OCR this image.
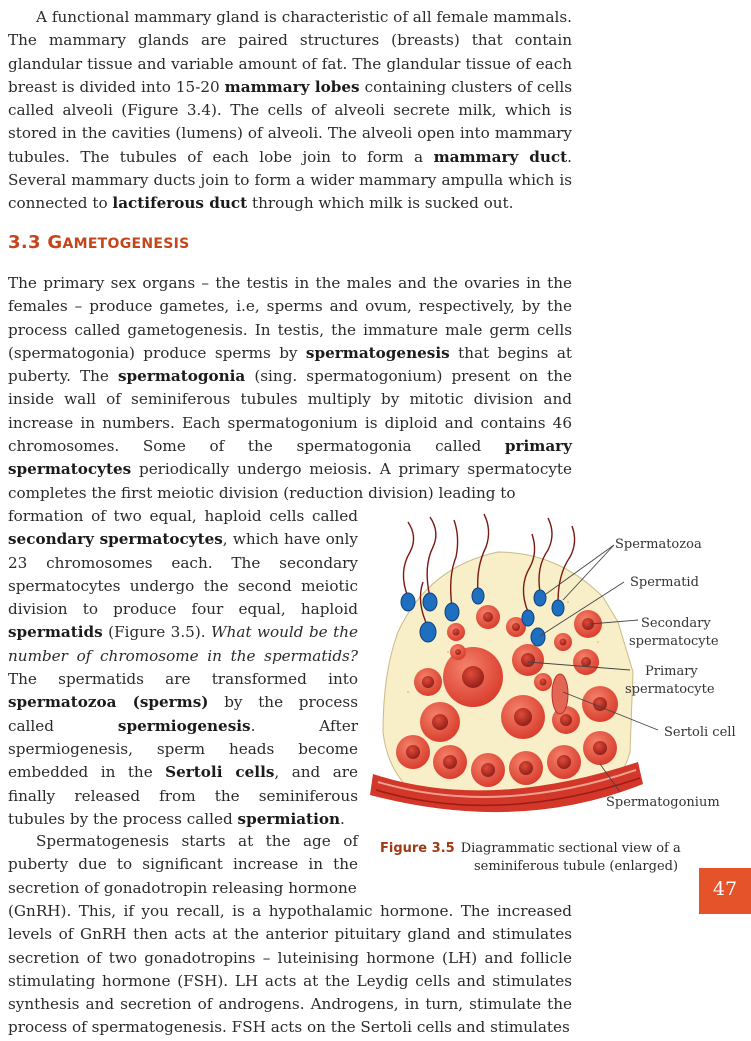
A functional mammary gland is characteristic of all female mammals. The mammary glands are paired structures (breasts) that contain glandular tissue and variable amount of fat. The glandular tissue of each breast is divided into 15-20 mammary lobes containing clusters of cells called alveoli (Figure 3.4). The cells of alveoli secrete milk, which is stored in the cavities (lumens) of alveoli. The alveoli open into mammary tubules. The tubules of each lobe join to form a mammary duct. Several mammary ducts join to form a wider mammary ampulla which is connected to lactiferous duct through which milk is sucked out.
3.3 GAMETOGENESIS
The primary sex organs – the testis in the males and the ovaries in the females – produce gametes, i.e, sperms and ovum, respectively, by the process called gametogenesis. In testis, the immature male germ cells (spermatogonia) produce sperms by spermatogenesis that begins at puberty. The spermatogonia (sing. spermatogonium) present on the inside wall of seminiferous tubules multiply by mitotic division and increase in numbers. Each spermatogonium is diploid and contains 46 chromosomes. Some of the spermatogonia called primary spermatocytes periodically undergo meiosis. A primary spermatocyte completes the first meiotic division (reduction division) leading to
formation of two equal, haploid cells called secondary spermatocytes, which have only 23 chromosomes each. The secondary spermatocytes undergo the second meiotic division to produce four equal, haploid spermatids (Figure 3.5). What would be the number of chromosome in the spermatids? The spermatids are transformed into spermatozoa (sperms) by the process called spermiogenesis. After spermiogenesis, sperm heads become embedded in the Sertoli cells, and are finally released from the seminiferous tubules by the process called spermiation.
Spermatogenesis starts at the age of puberty due to significant increase in the secretion of gonadotropin releasing hormone
(GnRH). This, if you recall, is a hypothalamic hormone. The increased levels of GnRH then acts at the anterior pituitary gland and stimulates secretion of two gonadotropins – luteinising hormone (LH) and follicle stimulating hormone (FSH). LH acts at the Leydig cells and stimulates synthesis and secretion of androgens. Androgens, in turn, stimulate the process of spermatogenesis. FSH acts on the Sertoli cells and stimulates
Spermatozoa
Spermatid
Secondary
spermatocyte
Primary
spermatocyte
Sertoli cell
Spermatogonium
Figure 3.5 Diagrammatic sectional view of a
seminiferous tubule (enlarged)
47
